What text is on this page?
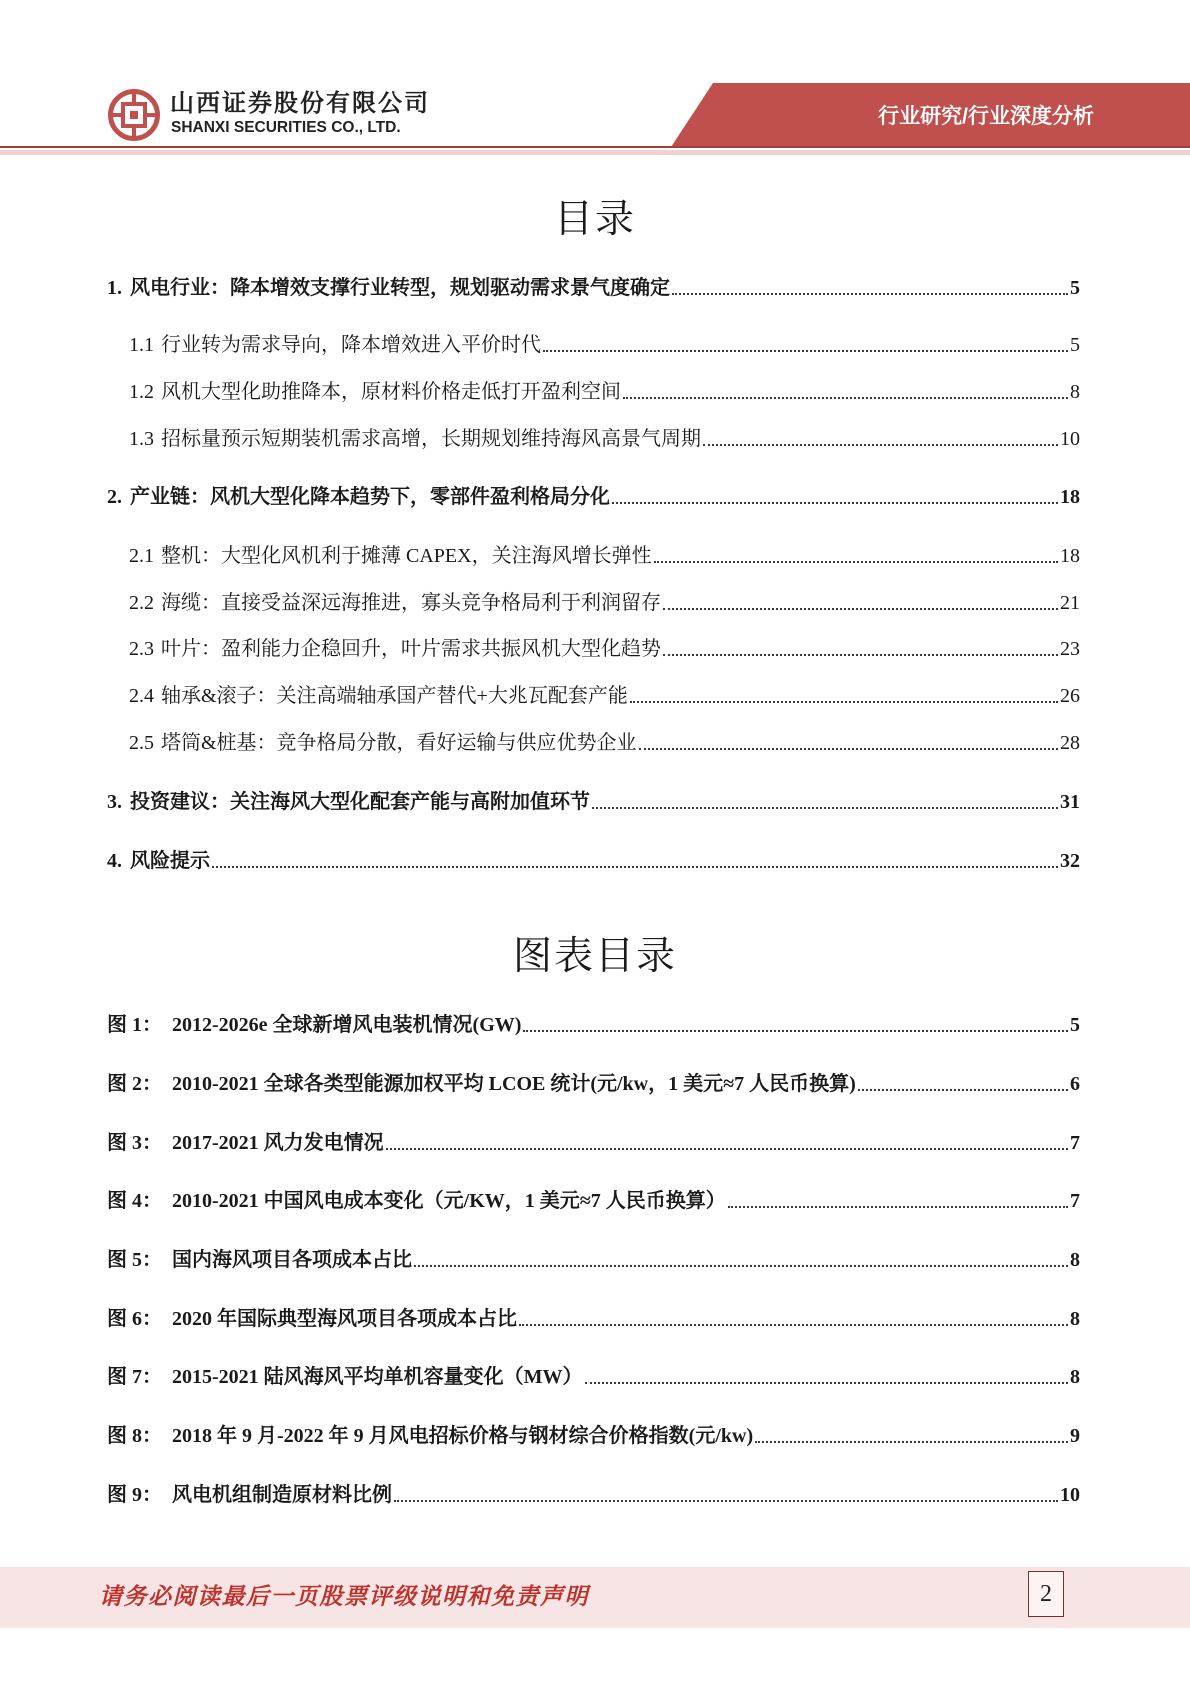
山西证券股份有限公司
SHANXI SECURITIES CO., LTD.	行业研究/行业深度分析
目录
1. 风电行业：降本增效支撑行业转型，规划驱动需求景气度确定	5
1.1 行业转为需求导向，降本增效进入平价时代	5
1.2 风机大型化助推降本，原材料价格走低打开盈利空间	8
1.3 招标量预示短期装机需求高增，长期规划维持海风高景气周期	10
2. 产业链：风机大型化降本趋势下，零部件盈利格局分化	18
2.1 整机：大型化风机利于摊薄 CAPEX，关注海风增长弹性	18
2.2 海缆：直接受益深远海推进，寡头竞争格局利于利润留存	21
2.3 叶片：盈利能力企稳回升，叶片需求共振风机大型化趋势	23
2.4 轴承&滚子：关注高端轴承国产替代+大兆瓦配套产能	26
2.5 塔筒&桩基：竞争格局分散，看好运输与供应优势企业	28
3. 投资建议：关注海风大型化配套产能与高附加值环节	31
4. 风险提示	32
图表目录
图 1： 2012-2026e 全球新增风电装机情况(GW)	5
图 2： 2010-2021 全球各类型能源加权平均 LCOE 统计(元/kw，1 美元≈7 人民币换算)	6
图 3： 2017-2021 风力发电情况	7
图 4： 2010-2021 中国风电成本变化（元/KW，1 美元≈7 人民币换算）	7
图 5： 国内海风项目各项成本占比	8
图 6： 2020 年国际典型海风项目各项成本占比	8
图 7： 2015-2021 陆风海风平均单机容量变化（MW）	8
图 8： 2018 年 9 月-2022 年 9 月风电招标价格与钢材综合价格指数(元/kw)	9
图 9： 风电机组制造原材料比例	10
请务必阅读最后一页股票评级说明和免责声明	2
